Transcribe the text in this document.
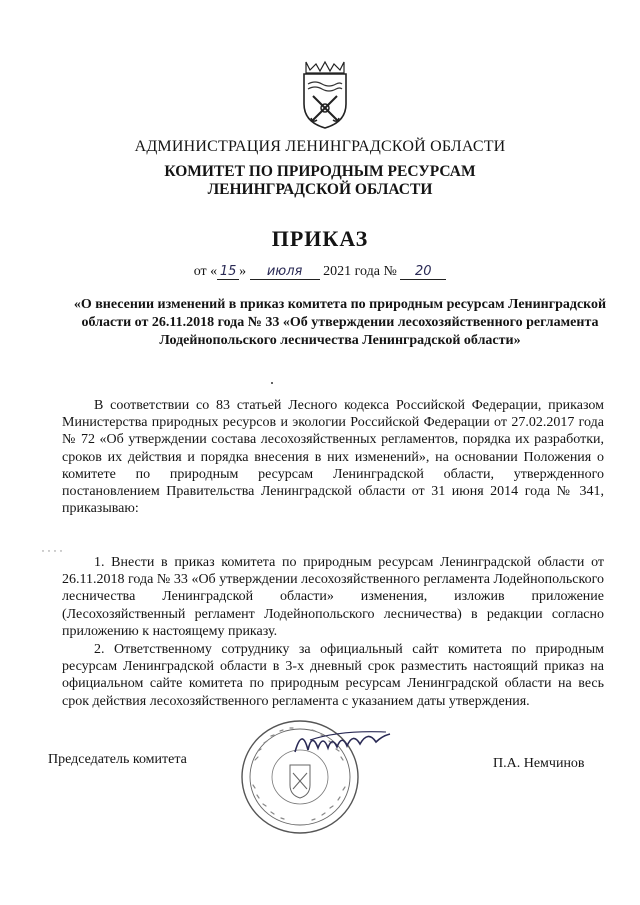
АДМИНИСТРАЦИЯ ЛЕНИНГРАДСКОЙ ОБЛАСТИ
КОМИТЕТ ПО ПРИРОДНЫМ РЕСУРСАМ
ЛЕНИНГРАДСКОЙ ОБЛАСТИ
ПРИКАЗ
от « 15 » июля 2021 года № 20
«О внесении изменений в приказ комитета по природным ресурсам Ленинградской области от 26.11.2018 года № 33 «Об утверждении лесохозяйственного регламента Лодейнопольского лесничества Ленинградской области»
В соответствии со 83 статьей Лесного кодекса Российской Федерации, приказом Министерства природных ресурсов и экологии Российской Федерации от 27.02.2017 года № 72 «Об утверждении состава лесохозяйственных регламентов, порядка их разработки, сроков их действия и порядка внесения в них изменений», на основании Положения о комитете по природным ресурсам Ленинградской области, утвержденного постановлением Правительства Ленинградской области от 31 июня 2014 года № 341, приказываю:
1. Внести в приказ комитета по природным ресурсам Ленинградской области от 26.11.2018 года № 33 «Об утверждении лесохозяйственного регламента Лодейнопольского лесничества Ленинградской области» изменения, изложив приложение (Лесохозяйственный регламент Лодейнопольского лесничества) в редакции согласно приложению к настоящему приказу.
2. Ответственному сотруднику за официальный сайт комитета по природным ресурсам Ленинградской области в 3-х дневный срок разместить настоящий приказ на официальном сайте комитета по природным ресурсам Ленинградской области на весь срок действия лесохозяйственного регламента с указанием даты утверждения.
Председатель комитета	П.А. Немчинов
